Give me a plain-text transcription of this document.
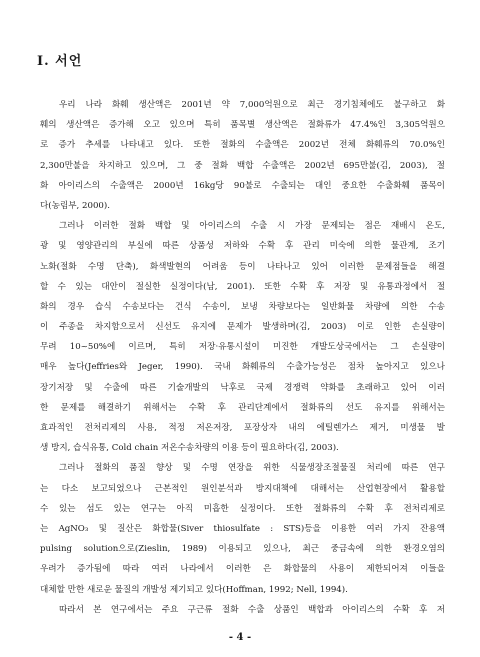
Ⅰ. 서언
우리 나라 화훼 생산액은 2001년 약 7,000억원으로 최근 경기침체에도 불구하고 화
훼의 생산액은 증가해 오고 있으며 특히 품목별 생산액은 절화류가 47.4%인 3,305억원으
로 증가 추세를 나타내고 있다. 또한 절화의 수출액은 2002년 전체 화훼류의 70.0%인
2,300만불을 차지하고 있으며, 그 중 절화 백합 수출액은 2002년 695만불(김, 2003), 절
화 아이리스의 수출액은 2000년 16kg당 90불로 수출되는 대인 중요한 수출화훼 품목이
다(농림부, 2000).
그러나 이러한 절화 백합 및 아이리스의 수출 시 가장 문제되는 점은 재배시 온도,
광 및 영양관리의 부실에 따른 상품성 저하와 수확 후 관리 미숙에 의한 물관계, 조기
노화(절화 수명 단축), 화색발현의 어려움 등이 나타나고 있어 이러한 문제점들을 해결
할 수 있는 대안이 절실한 실정이다(남, 2001). 또한 수확 후 저장 및 유통과정에서 절
화의 경우 습식 수송보다는 건식 수송이, 보냉 차량보다는 일반화물 차량에 의한 수송
이 주종을 차지함으로서 신선도 유지에 문제가 발생하며(김, 2003) 이로 인한 손실량이
무려 10~50%에 이르며, 특히 저장·유통시설이 미진한 개발도상국에서는 그 손실량이
매우 높다(Jeffries와 Jeger, 1990). 국내 화훼류의 수출가능성은 점차 높아지고 있으나
장기저장 및 수출에 따른 기술개발의 낙후로 국제 경쟁력 약화를 초래하고 있어 이러
한 문제를 해결하기 위해서는 수확 후 관리단계에서 절화류의 선도 유지를 위해서는
효과적인 전처리제의 사용, 적정 저온저장, 포장상자 내의 에틸렌가스 제거, 미생물 발
생 방지, 습식유통, Cold chain 저온수송차량의 이용 등이 필요하다(김, 2003).
그러나 절화의 품질 향상 및 수명 연장을 위한 식물생장조절물질 처리에 따른 연구
는 다소 보고되었으나 근본적인 원인분석과 방지대책에 대해서는 산업현장에서 활용할
수 있는 섬도 있는 연구는 아직 미흡한 실정이다. 또한 절화류의 수확 후 전처리제로
는 AgNO₃ 및 질산은 화합물(Siver thiosulfate : STS)등을 이용한 여러 가지 잔용액
pulsing solution으로(Zieslin, 1989) 이용되고 있으나, 최근 중금속에 의한 환경오염의
우려가 증가됨에 따라 여러 나라에서 이러한 은 화합물의 사용이 제한되어져 이들을
대체할 만한 새로운 물질의 개발성 제기되고 있다(Hoffman, 1992; Nell, 1994).
따라서 본 연구에서는 주요 구근류 절화 수출 상품인 백합과 아이리스의 수확 후 저
- 4 -
